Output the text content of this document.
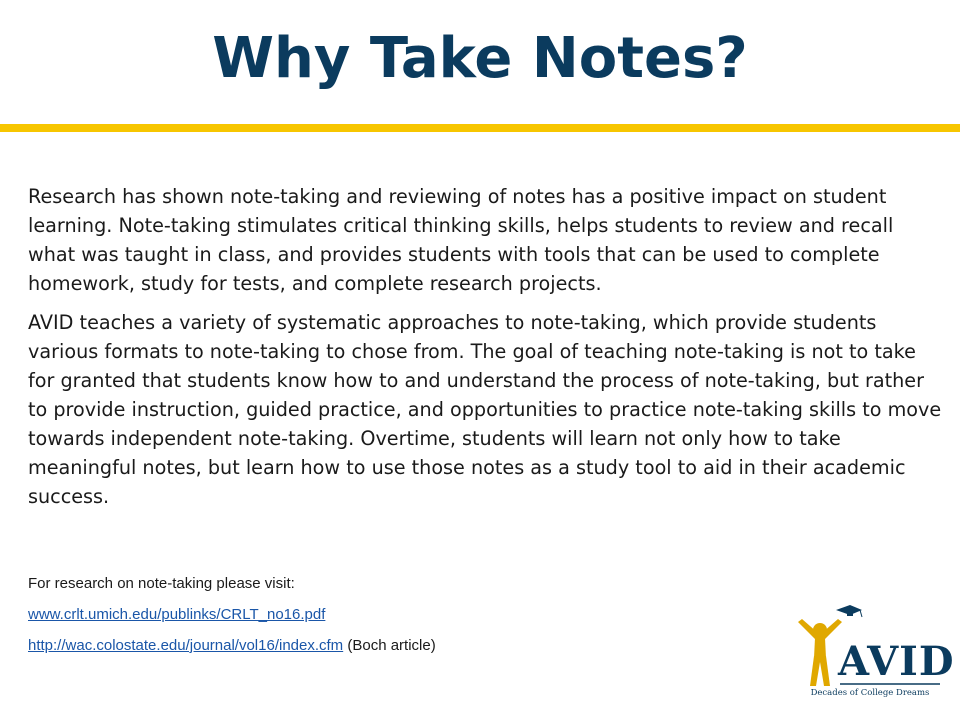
Why Take Notes?

Research has shown note-taking and reviewing of notes has a positive impact on student learning. Note-taking stimulates critical thinking skills, helps students to review and recall what was taught in class, and provides students with tools that can be used to complete homework, study for tests, and complete research projects.

AVID teaches a variety of systematic approaches to note-taking, which provide students various formats to note-taking to chose from. The goal of teaching note-taking is not to take for granted that students know how to and understand the process of note-taking, but rather to provide instruction, guided practice, and opportunities to practice note-taking skills to move towards independent note-taking. Overtime, students will learn not only how to take meaningful notes, but learn how to use those notes as a study tool to aid in their academic success.

For research on note-taking please visit:
www.crlt.umich.edu/publinks/CRLT_no16.pdf
http://wac.colostate.edu/journal/vol16/index.cfm (Boch article)	AVID
Decades of College Dreams
